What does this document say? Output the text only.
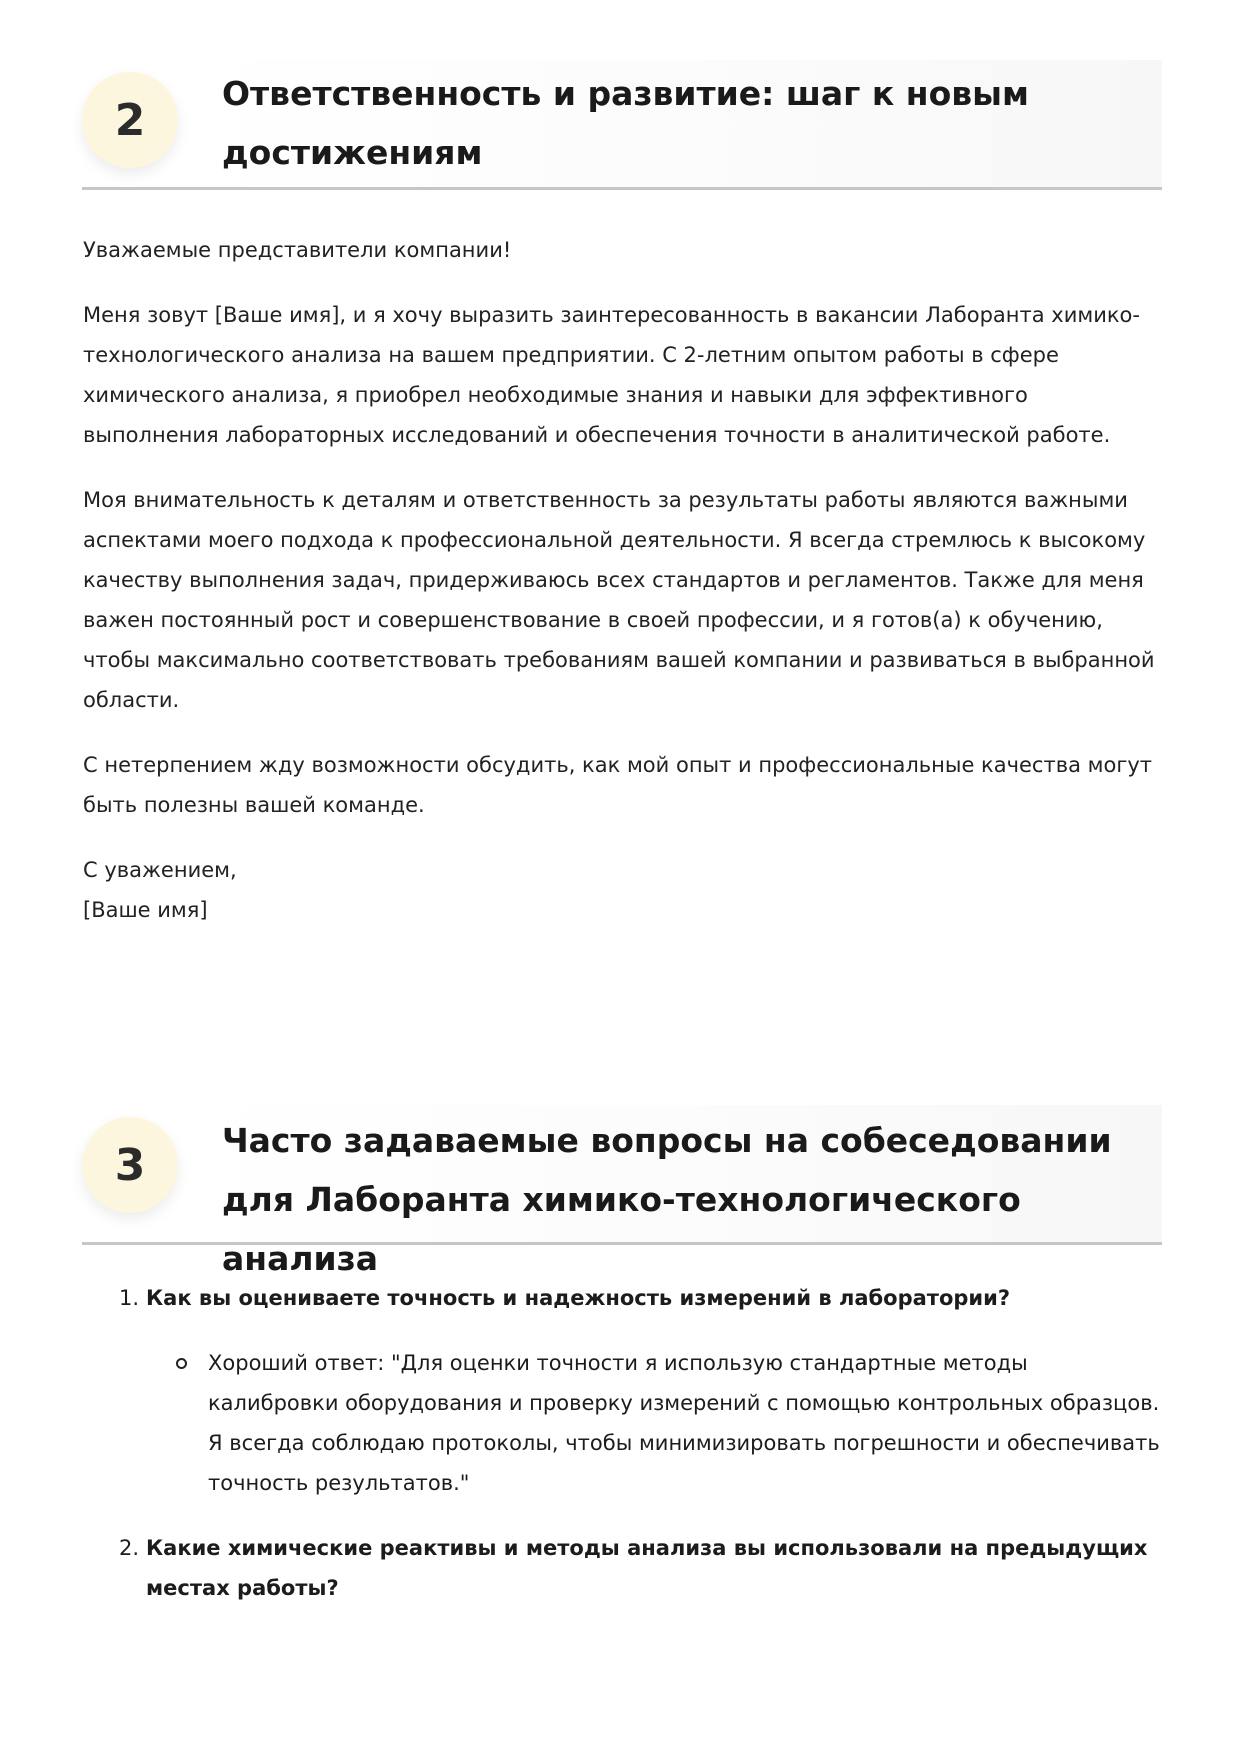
2
Ответственность и развитие: шаг к новым достижениям

Уважаемые представители компании!

Меня зовут [Ваше имя], и я хочу выразить заинтересованность в вакансии Лаборанта химико-технологического анализа на вашем предприятии. С 2-летним опытом работы в сфере химического анализа, я приобрел необходимые знания и навыки для эффективного выполнения лабораторных исследований и обеспечения точности в аналитической работе.

Моя внимательность к деталям и ответственность за результаты работы являются важными аспектами моего подхода к профессиональной деятельности. Я всегда стремлюсь к высокому качеству выполнения задач, придерживаюсь всех стандартов и регламентов. Также для меня важен постоянный рост и совершенствование в своей профессии, и я готов(а) к обучению, чтобы максимально соответствовать требованиям вашей компании и развиваться в выбранной области.

С нетерпением жду возможности обсудить, как мой опыт и профессиональные качества могут быть полезны вашей команде.

С уважением,
[Ваше имя]

3	Часто задаваемые вопросы на собеседовании для Лаборанта химико-технологического анализа
1. Как вы оцениваете точность и надежность измерений в лаборатории?

Хороший ответ: "Для оценки точности я использую стандартные методы калибровки оборудования и проверку измерений с помощью контрольных образцов. Я всегда соблюдаю протоколы, чтобы минимизировать погрешности и обеспечивать точность результатов."
2. Какие химические реактивы и методы анализа вы использовали на предыдущих местах работы?
